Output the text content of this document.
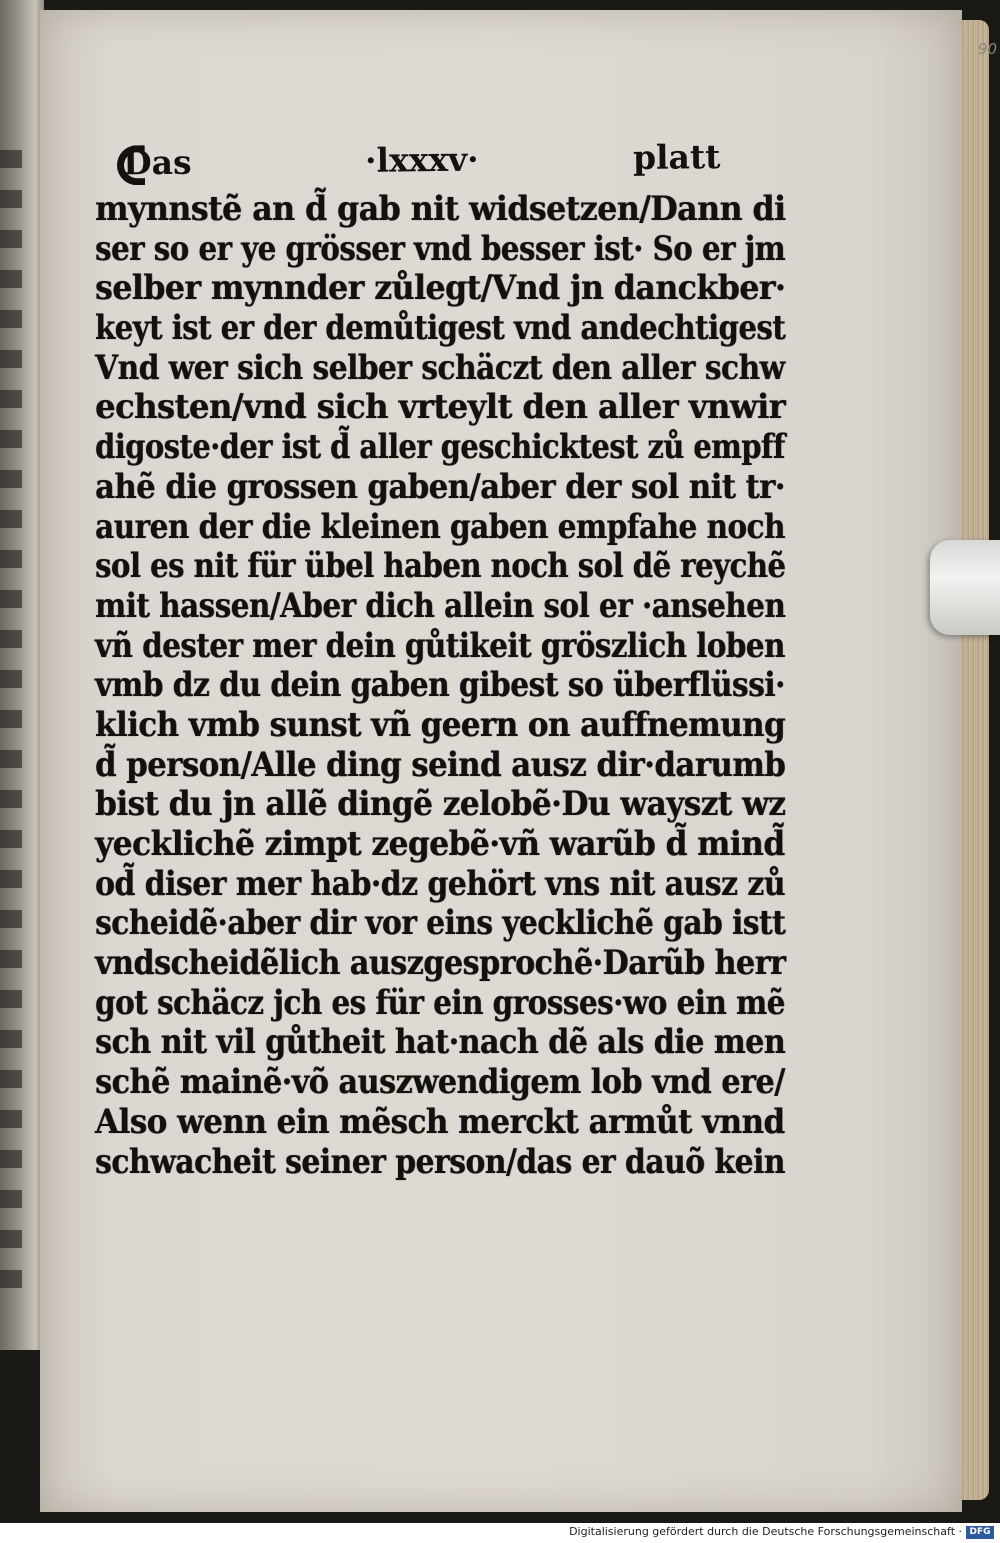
90
Das	·lxxxv·	platt
mynnstẽ an d̃ gab nit widsetzen/Dann di
ser so er ye grösser vnd besser ist· So er jm
selber mynnder zůlegt/Vnd jn danckber·
keyt ist er der demůtigest vnd andechtigest
Vnd wer sich selber schäczt den aller schw
echsten/vnd sich vrteylt den aller vnwir
digoste·der ist d̃ aller geschicktest zů empff
ahẽ die grossen gaben/aber der sol nit tr·
auren der die kleinen gaben empfahe noch
sol es nit für übel haben noch sol dẽ reychẽ
mit hassen/Aber dich allein sol er ·ansehen
vñ dester mer dein gůtikeit gröszlich loben
vmb dz du dein gaben gibest so überflüssi·
klich vmb sunst vñ geern on auffnemung
d̃ person/Alle ding seind ausz dir·darumb
bist du jn allẽ dingẽ zelobẽ·Du wayszt wz
yecklichẽ zimpt zegebẽ·vñ warũb d̃ mind̃
od̃ diser mer hab·dz gehört vns nit ausz zů
scheidẽ·aber dir vor eins yecklichẽ gab istt
vndscheidẽlich auszgesprochẽ·Darũb herr
got schäcz jch es für ein grosses·wo ein mẽ
sch nit vil gůtheit hat·nach dẽ als die men
schẽ mainẽ·võ auszwendigem lob vnd ere/
Also wenn ein mẽsch merckt armůt vnnd
schwacheit seiner person/das er dauõ kein
Digitalisierung gefördert durch die Deutsche Forschungsgemeinschaft · DFG
